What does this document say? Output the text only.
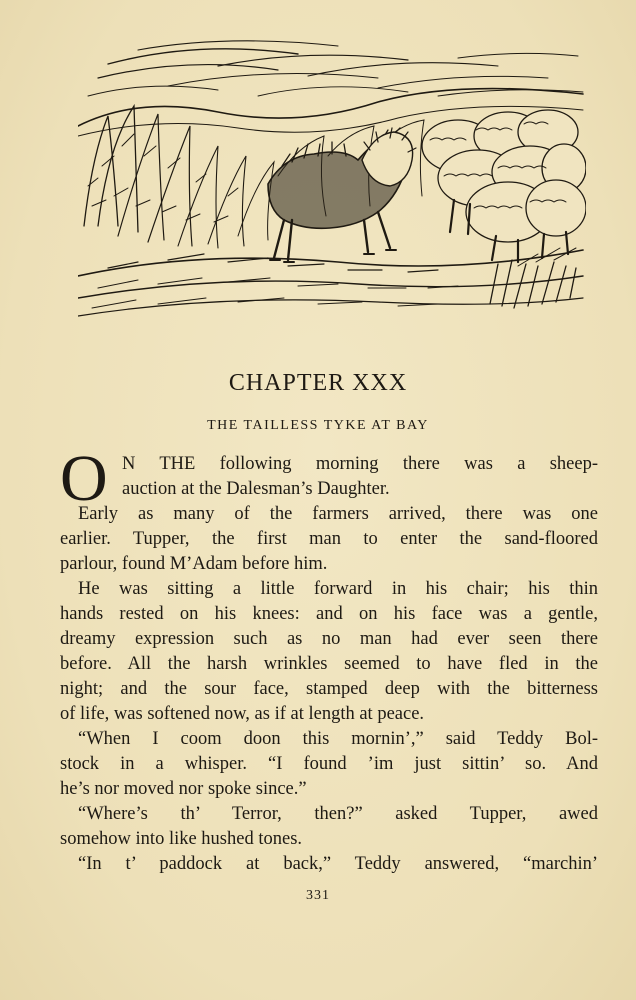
CHAPTER XXX
THE TAILLESS TYKE AT BAY
O N THE following morning there was a sheep-
auction at the Dalesman’s Daughter.
Early as many of the farmers arrived, there was one
earlier. Tupper, the first man to enter the sand-floored
parlour, found M’Adam before him.
He was sitting a little forward in his chair; his thin
hands rested on his knees: and on his face was a gentle,
dreamy expression such as no man had ever seen there
before. All the harsh wrinkles seemed to have fled in the
night; and the sour face, stamped deep with the bitterness
of life, was softened now, as if at length at peace.
“When I coom doon this mornin’,” said Teddy Bol-
stock in a whisper. “I found ’im just sittin’ so. And
he’s nor moved nor spoke since.”
“Where’s th’ Terror, then?” asked Tupper, awed
somehow into like hushed tones.
“In t’ paddock at back,” Teddy answered, “marchin’
331
